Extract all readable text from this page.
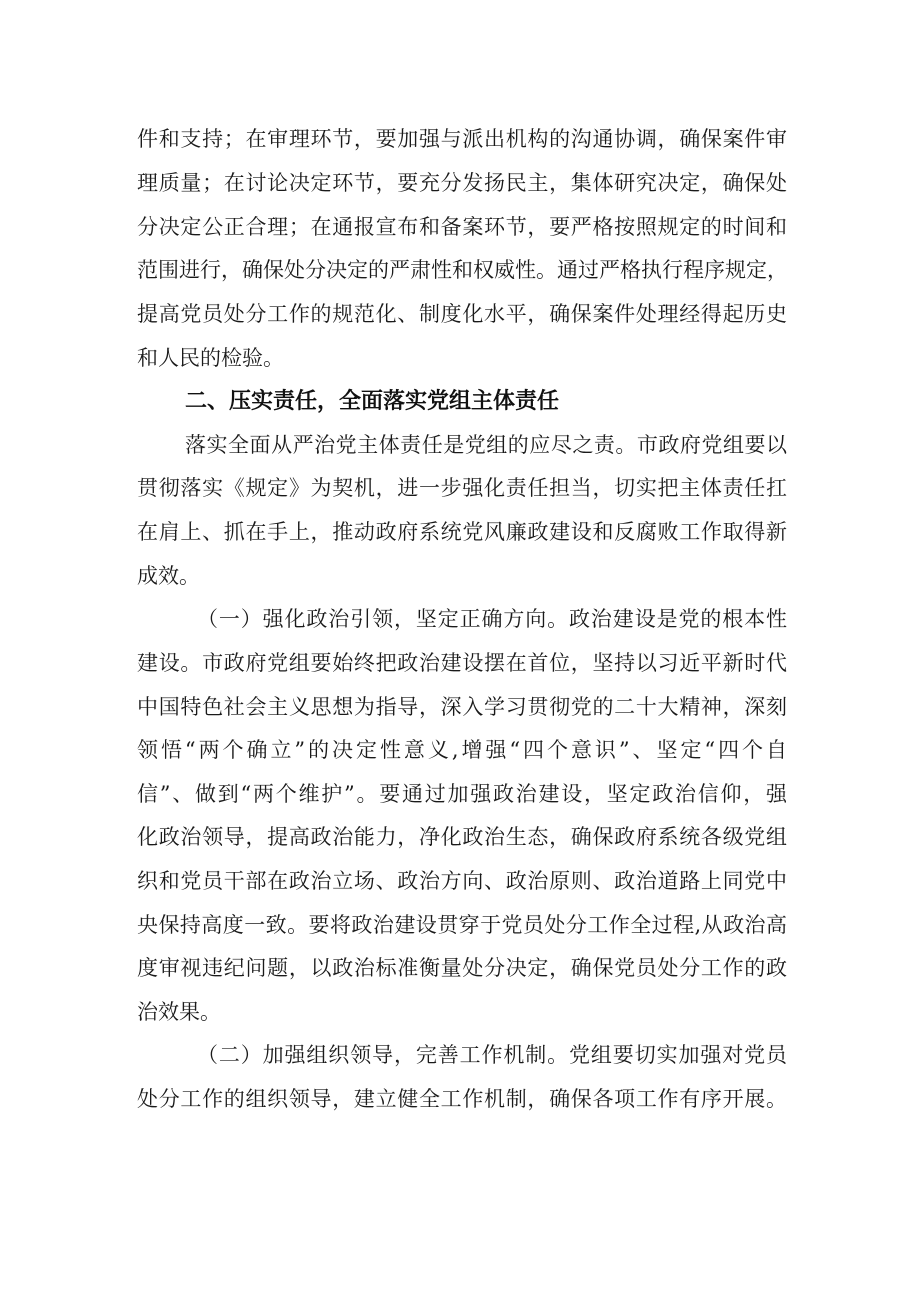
件和支持；在审理环节，要加强与派出机构的沟通协调，确保案件审
理质量；在讨论决定环节，要充分发扬民主，集体研究决定，确保处
分决定公正合理；在通报宣布和备案环节，要严格按照规定的时间和
范围进行，确保处分决定的严肃性和权威性。通过严格执行程序规定，
提高党员处分工作的规范化、制度化水平，确保案件处理经得起历史
和人民的检验。
二、压实责任，全面落实党组主体责任
落实全面从严治党主体责任是党组的应尽之责。市政府党组要以
贯彻落实《规定》为契机，进一步强化责任担当，切实把主体责任扛
在肩上、抓在手上，推动政府系统党风廉政建设和反腐败工作取得新
成效。
（一）强化政治引领，坚定正确方向。政治建设是党的根本性
建设。市政府党组要始终把政治建设摆在首位，坚持以习近平新时代
中国特色社会主义思想为指导，深入学习贯彻党的二十大精神，深刻
领悟“两个确立”的决定性意义,增强“四个意识”、坚定“四个自
信”、做到“两个维护”。要通过加强政治建设，坚定政治信仰，强
化政治领导，提高政治能力，净化政治生态，确保政府系统各级党组
织和党员干部在政治立场、政治方向、政治原则、政治道路上同党中
央保持高度一致。要将政治建设贯穿于党员处分工作全过程,从政治高
度审视违纪问题，以政治标准衡量处分决定，确保党员处分工作的政
治效果。
（二）加强组织领导，完善工作机制。党组要切实加强对党员
处分工作的组织领导，建立健全工作机制，确保各项工作有序开展。
